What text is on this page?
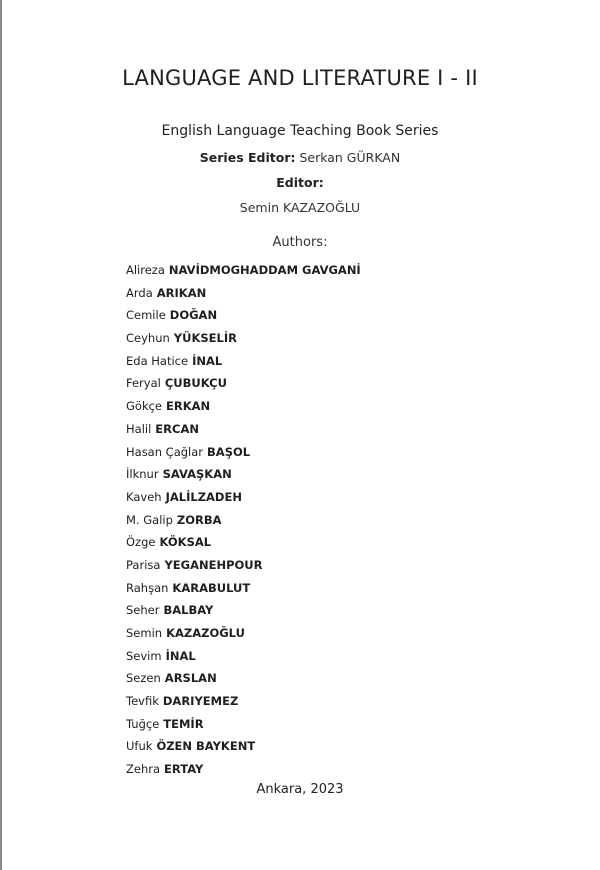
LANGUAGE AND LITERATURE I - II
English Language Teaching Book Series
Series Editor: Serkan GÜRKAN
Editor:
Semin KAZAZOĞLU
Authors:
Alireza NAVİDMOGHADDAM GAVGANİ
Arda ARIKAN
Cemile DOĞAN
Ceyhun YÜKSELİR
Eda Hatice İNAL
Feryal ÇUBUKÇU
Gökçe ERKAN
Halil ERCAN
Hasan Çağlar BAŞOL
İlknur SAVAŞKAN
Kaveh JALİLZADEH
M. Galip ZORBA
Özge KÖKSAL
Parisa YEGANEHPOUR
Rahşan KARABULUT
Seher BALBAY
Semin KAZAZOĞLU
Sevim İNAL
Sezen ARSLAN
Tevfik DARIYEMEZ
Tuğçe TEMİR
Ufuk ÖZEN BAYKENT
Zehra ERTAY
Ankara, 2023
